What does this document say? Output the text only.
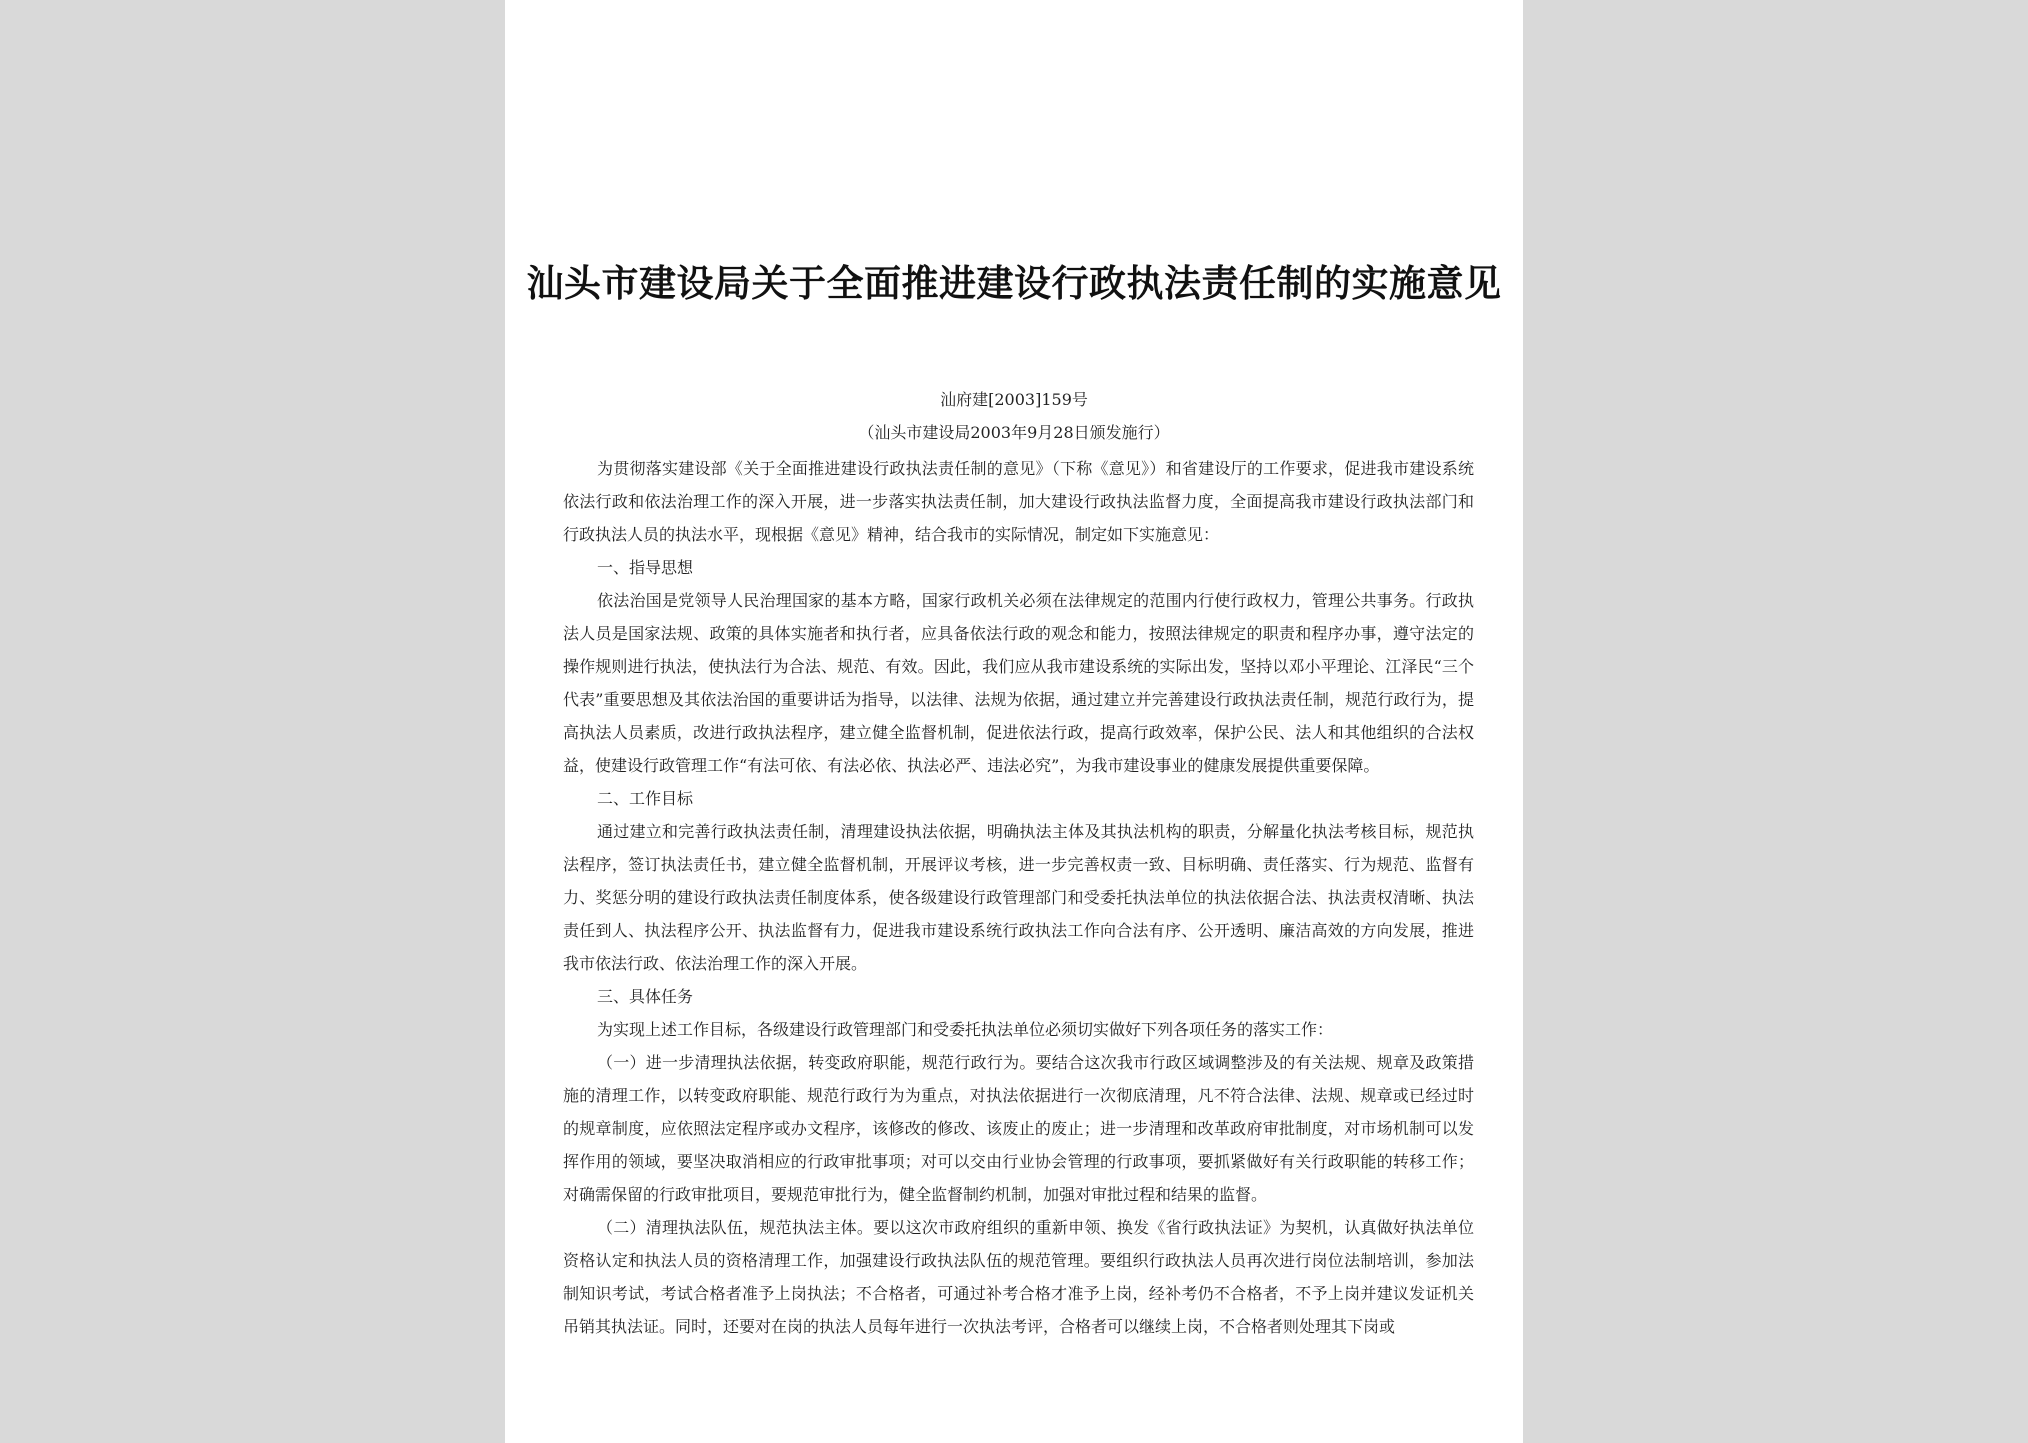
汕头市建设局关于全面推进建设行政执法责任制的实施意见
汕府建[2003]159号
（汕头市建设局2003年9月28日颁发施行）

为贯彻落实建设部《关于全面推进建设行政执法责任制的意见》（下称《意见》）和省建设厅的工作要求，促进我市建设系统依法行政和依法治理工作的深入开展，进一步落实执法责任制，加大建设行政执法监督力度，全面提高我市建设行政执法部门和行政执法人员的执法水平，现根据《意见》精神，结合我市的实际情况，制定如下实施意见：

一、指导思想

依法治国是党领导人民治理国家的基本方略，国家行政机关必须在法律规定的范围内行使行政权力，管理公共事务。行政执法人员是国家法规、政策的具体实施者和执行者，应具备依法行政的观念和能力，按照法律规定的职责和程序办事，遵守法定的操作规则进行执法，使执法行为合法、规范、有效。因此，我们应从我市建设系统的实际出发，坚持以邓小平理论、江泽民“三个代表”重要思想及其依法治国的重要讲话为指导，以法律、法规为依据，通过建立并完善建设行政执法责任制，规范行政行为，提高执法人员素质，改进行政执法程序，建立健全监督机制，促进依法行政，提高行政效率，保护公民、法人和其他组织的合法权益，使建设行政管理工作“有法可依、有法必依、执法必严、违法必究”，为我市建设事业的健康发展提供重要保障。

二、工作目标

通过建立和完善行政执法责任制，清理建设执法依据，明确执法主体及其执法机构的职责，分解量化执法考核目标，规范执法程序，签订执法责任书，建立健全监督机制，开展评议考核，进一步完善权责一致、目标明确、责任落实、行为规范、监督有力、奖惩分明的建设行政执法责任制度体系，使各级建设行政管理部门和受委托执法单位的执法依据合法、执法责权清晰、执法责任到人、执法程序公开、执法监督有力，促进我市建设系统行政执法工作向合法有序、公开透明、廉洁高效的方向发展，推进我市依法行政、依法治理工作的深入开展。

三、具体任务

为实现上述工作目标，各级建设行政管理部门和受委托执法单位必须切实做好下列各项任务的落实工作：

（一）进一步清理执法依据，转变政府职能，规范行政行为。要结合这次我市行政区域调整涉及的有关法规、规章及政策措施的清理工作，以转变政府职能、规范行政行为为重点，对执法依据进行一次彻底清理，凡不符合法律、法规、规章或已经过时的规章制度，应依照法定程序或办文程序，该修改的修改、该废止的废止；进一步清理和改革政府审批制度，对市场机制可以发挥作用的领域，要坚决取消相应的行政审批事项；对可以交由行业协会管理的行政事项，要抓紧做好有关行政职能的转移工作；对确需保留的行政审批项目，要规范审批行为，健全监督制约机制，加强对审批过程和结果的监督。

（二）清理执法队伍，规范执法主体。要以这次市政府组织的重新申领、换发《省行政执法证》为契机，认真做好执法单位资格认定和执法人员的资格清理工作，加强建设行政执法队伍的规范管理。要组织行政执法人员再次进行岗位法制培训，参加法制知识考试，考试合格者准予上岗执法；不合格者，可通过补考合格才准予上岗，经补考仍不合格者，不予上岗并建议发证机关吊销其执法证。同时，还要对在岗的执法人员每年进行一次执法考评，合格者可以继续上岗，不合格者则处理其下岗或
